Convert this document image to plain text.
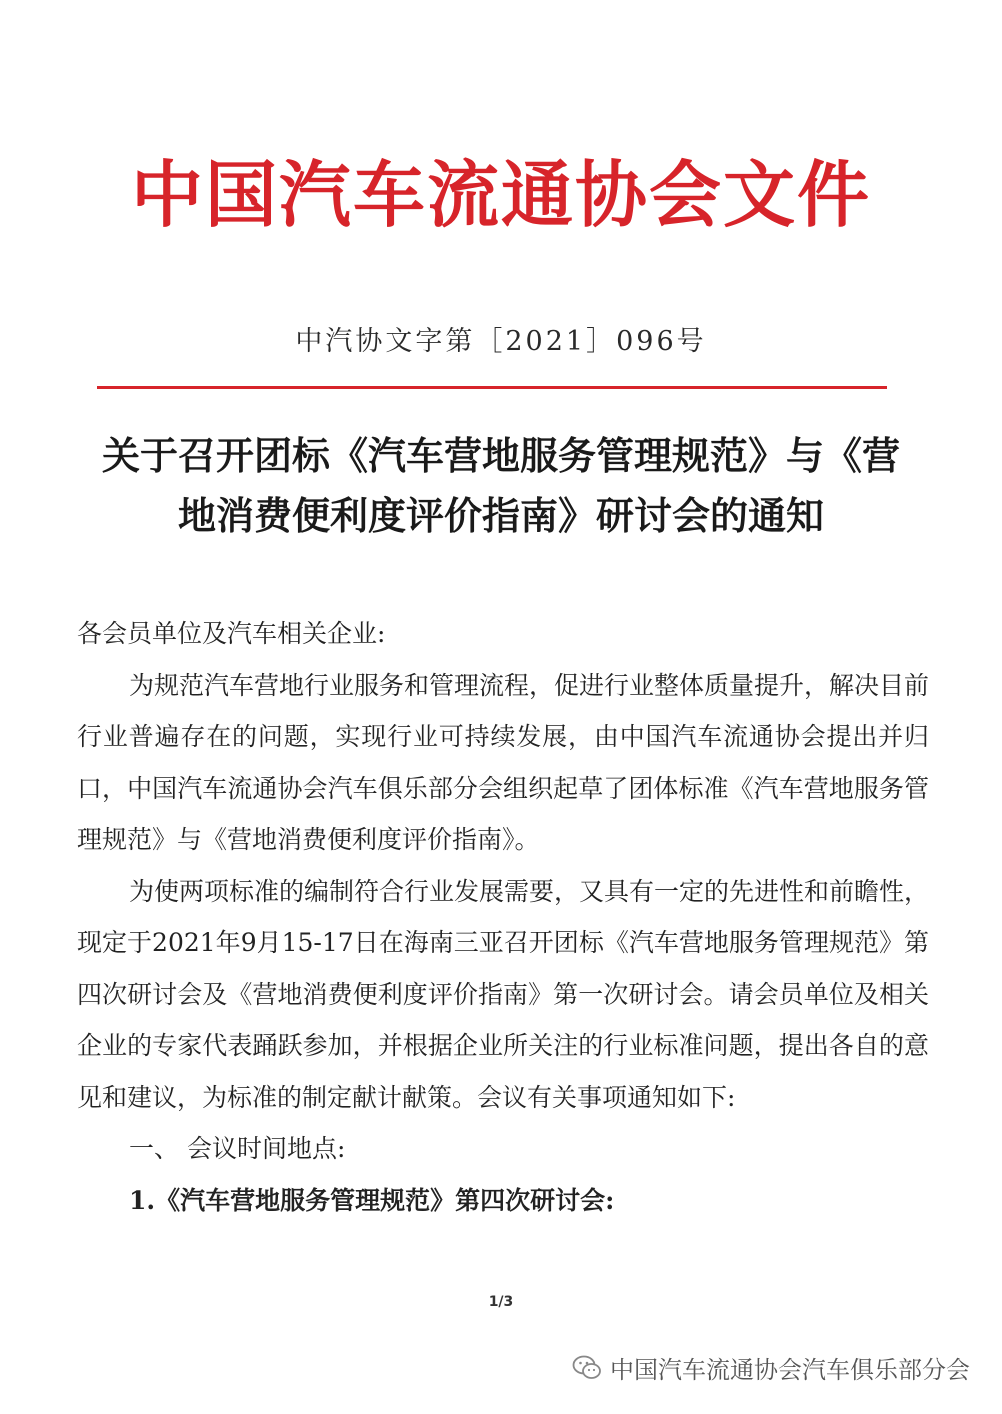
中国汽车流通协会文件
中汽协文字第［2021］096号
关于召开团标《汽车营地服务管理规范》与《营
地消费便利度评价指南》研讨会的通知

各会员单位及汽车相关企业:

为规范汽车营地行业服务和管理流程，促进行业整体质量提升，解决目前行业普遍存在的问题，实现行业可持续发展，由中国汽车流通协会提出并归口，中国汽车流通协会汽车俱乐部分会组织起草了团体标准《汽车营地服务管理规范》与《营地消费便利度评价指南》。

为使两项标准的编制符合行业发展需要，又具有一定的先进性和前瞻性，现定于2021年9月15-17日在海南三亚召开团标《汽车营地服务管理规范》第四次研讨会及《营地消费便利度评价指南》第一次研讨会。请会员单位及相关企业的专家代表踊跃参加，并根据企业所关注的行业标准问题，提出各自的意见和建议，为标准的制定献计献策。会议有关事项通知如下:

一、 会议时间地点:

1.《汽车营地服务管理规范》第四次研讨会:

1/3
中国汽车流通协会汽车俱乐部分会
